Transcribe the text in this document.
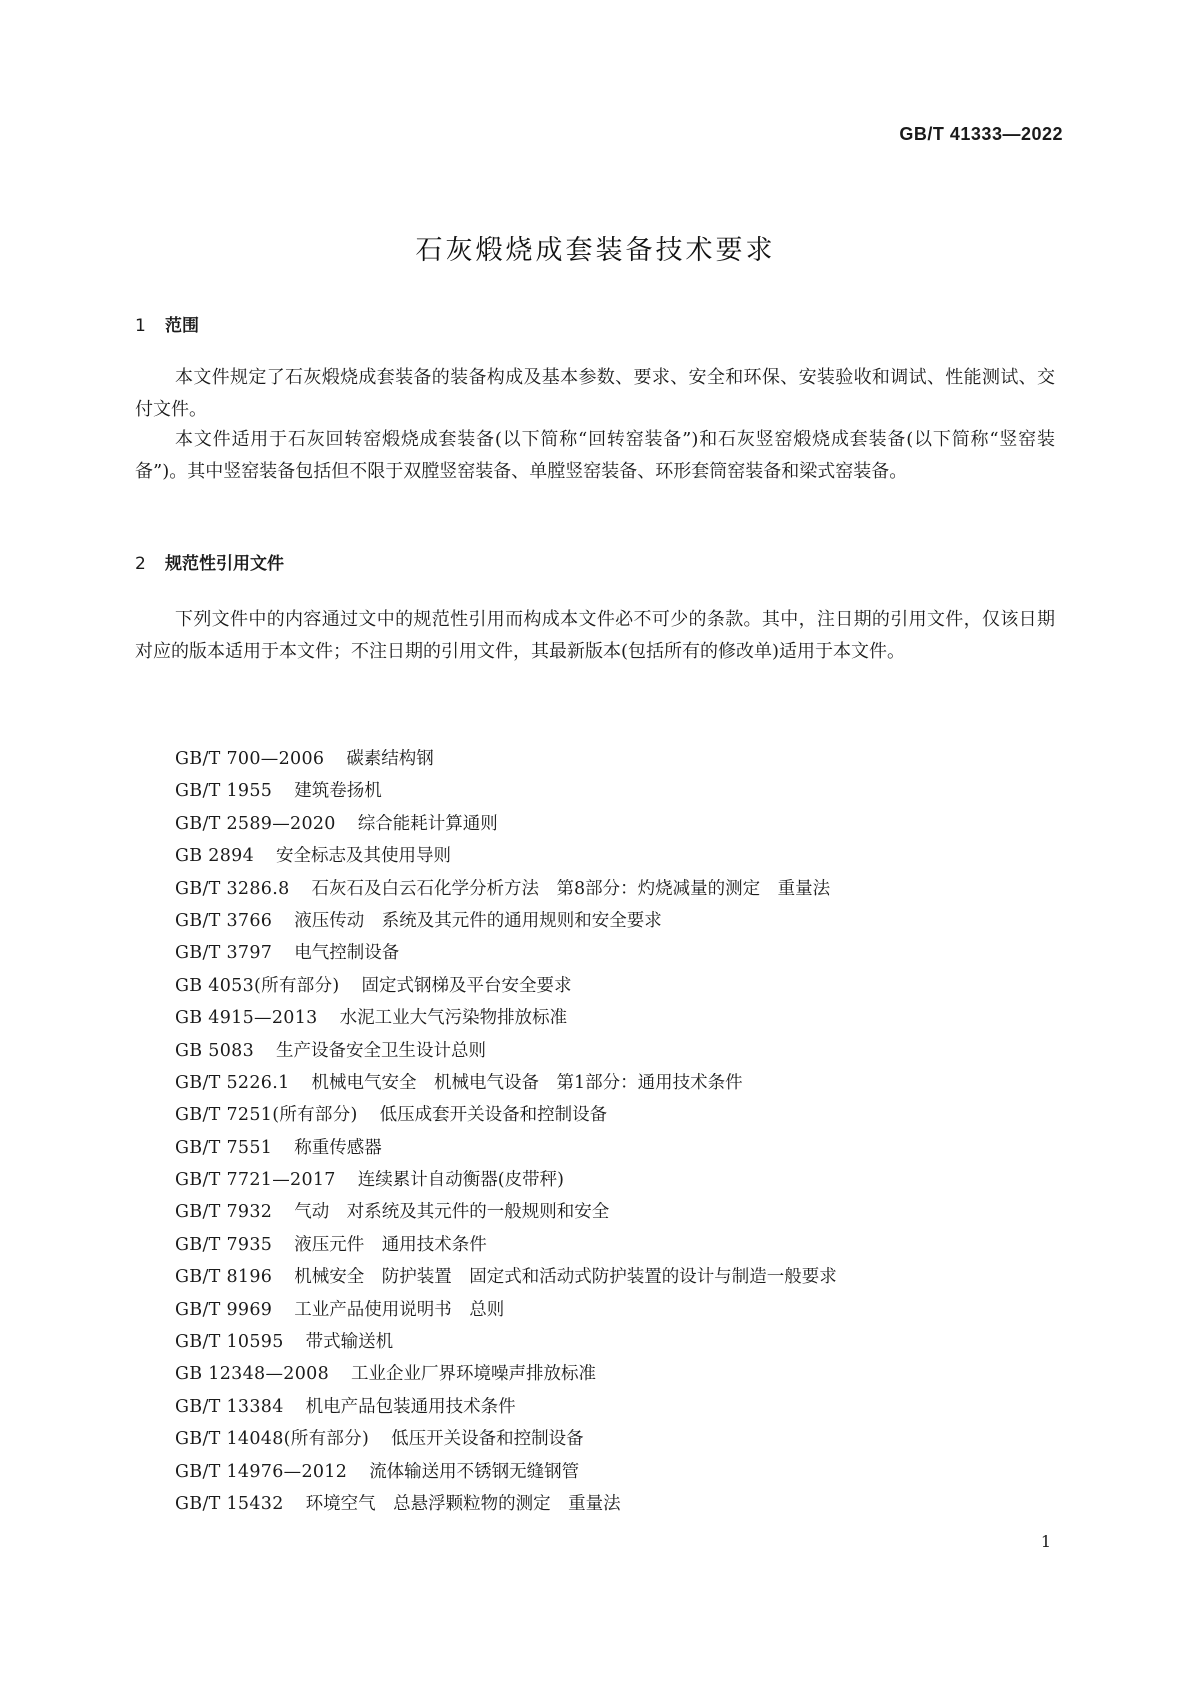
GB/T 41333—2022
石灰煅烧成套装备技术要求
1 范围
本文件规定了石灰煅烧成套装备的装备构成及基本参数、要求、安全和环保、安装验收和调试、性能测试、交付文件。
本文件适用于石灰回转窑煅烧成套装备(以下简称“回转窑装备”)和石灰竖窑煅烧成套装备(以下简称“竖窑装备”)。其中竖窑装备包括但不限于双膛竖窑装备、单膛竖窑装备、环形套筒窑装备和梁式窑装备。
2 规范性引用文件
下列文件中的内容通过文中的规范性引用而构成本文件必不可少的条款。其中，注日期的引用文件，仅该日期对应的版本适用于本文件；不注日期的引用文件，其最新版本(包括所有的修改单)适用于本文件。
GB/T 700—2006 碳素结构钢
GB/T 1955 建筑卷扬机
GB/T 2589—2020 综合能耗计算通则
GB 2894 安全标志及其使用导则
GB/T 3286.8 石灰石及白云石化学分析方法　第8部分：灼烧减量的测定　重量法
GB/T 3766 液压传动　系统及其元件的通用规则和安全要求
GB/T 3797 电气控制设备
GB 4053(所有部分) 固定式钢梯及平台安全要求
GB 4915—2013 水泥工业大气污染物排放标准
GB 5083 生产设备安全卫生设计总则
GB/T 5226.1 机械电气安全　机械电气设备　第1部分：通用技术条件
GB/T 7251(所有部分) 低压成套开关设备和控制设备
GB/T 7551 称重传感器
GB/T 7721—2017 连续累计自动衡器(皮带秤)
GB/T 7932 气动　对系统及其元件的一般规则和安全
GB/T 7935 液压元件　通用技术条件
GB/T 8196 机械安全　防护装置　固定式和活动式防护装置的设计与制造一般要求
GB/T 9969 工业产品使用说明书　总则
GB/T 10595 带式输送机
GB 12348—2008 工业企业厂界环境噪声排放标准
GB/T 13384 机电产品包装通用技术条件
GB/T 14048(所有部分) 低压开关设备和控制设备
GB/T 14976—2012 流体输送用不锈钢无缝钢管
GB/T 15432 环境空气　总悬浮颗粒物的测定　重量法
1
